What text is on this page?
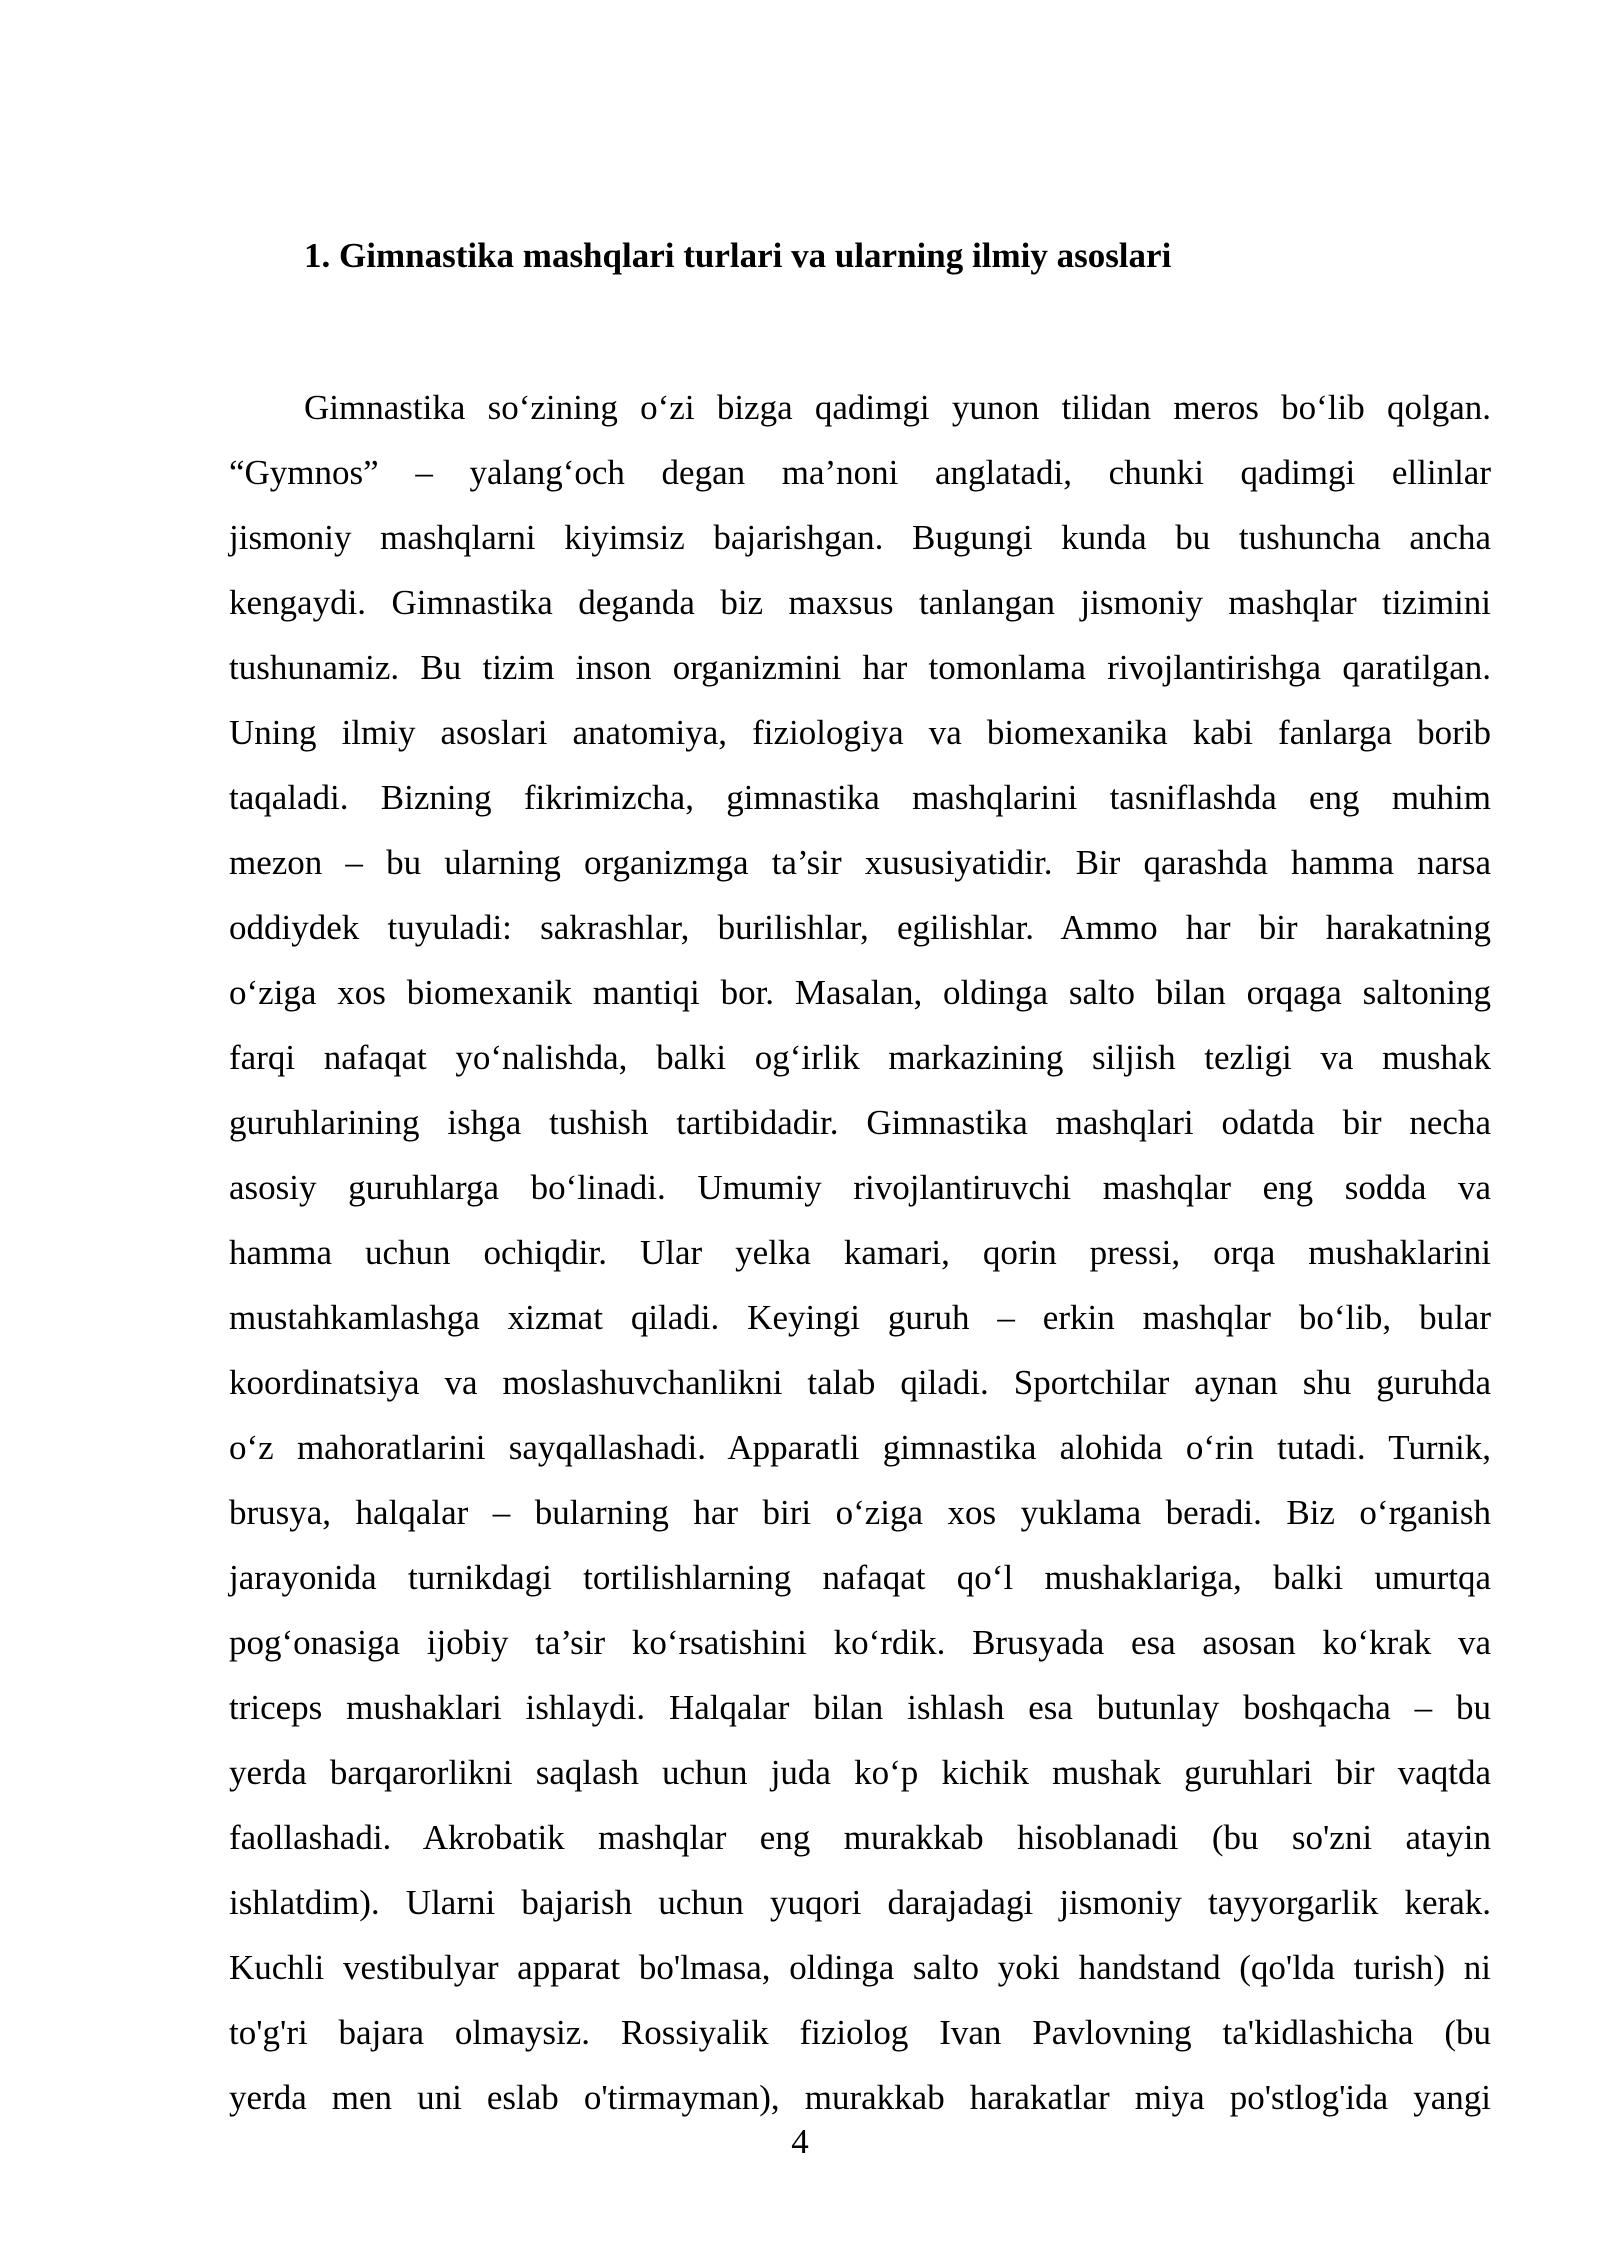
1. Gimnastika mashqlari turlari va ularning ilmiy asoslari
Gimnastika so‘zining o‘zi bizga qadimgi yunon tilidan meros bo‘lib qolgan.
“Gymnos” – yalang‘och degan ma’noni anglatadi, chunki qadimgi ellinlar
jismoniy mashqlarni kiyimsiz bajarishgan. Bugungi kunda bu tushuncha ancha
kengaydi. Gimnastika deganda biz maxsus tanlangan jismoniy mashqlar tizimini
tushunamiz. Bu tizim inson organizmini har tomonlama rivojlantirishga qaratilgan.
Uning ilmiy asoslari anatomiya, fiziologiya va biomexanika kabi fanlarga borib
taqaladi. Bizning fikrimizcha, gimnastika mashqlarini tasniflashda eng muhim
mezon – bu ularning organizmga ta’sir xususiyatidir. Bir qarashda hamma narsa
oddiydek tuyuladi: sakrashlar, burilishlar, egilishlar. Ammo har bir harakatning
o‘ziga xos biomexanik mantiqi bor. Masalan, oldinga salto bilan orqaga saltoning
farqi nafaqat yo‘nalishda, balki og‘irlik markazining siljish tezligi va mushak
guruhlarining ishga tushish tartibidadir. Gimnastika mashqlari odatda bir necha
asosiy guruhlarga bo‘linadi. Umumiy rivojlantiruvchi mashqlar eng sodda va
hamma uchun ochiqdir. Ular yelka kamari, qorin pressi, orqa mushaklarini
mustahkamlashga xizmat qiladi. Keyingi guruh – erkin mashqlar bo‘lib, bular
koordinatsiya va moslashuvchanlikni talab qiladi. Sportchilar aynan shu guruhda
o‘z mahoratlarini sayqallashadi. Apparatli gimnastika alohida o‘rin tutadi. Turnik,
brusya, halqalar – bularning har biri o‘ziga xos yuklama beradi. Biz o‘rganish
jarayonida turnikdagi tortilishlarning nafaqat qo‘l mushaklariga, balki umurtqa
pog‘onasiga ijobiy ta’sir ko‘rsatishini ko‘rdik. Brusyada esa asosan ko‘krak va
triceps mushaklari ishlaydi. Halqalar bilan ishlash esa butunlay boshqacha – bu
yerda barqarorlikni saqlash uchun juda ko‘p kichik mushak guruhlari bir vaqtda
faollashadi. Akrobatik mashqlar eng murakkab hisoblanadi (bu so'zni atayin
ishlatdim). Ularni bajarish uchun yuqori darajadagi jismoniy tayyorgarlik kerak.
Kuchli vestibulyar apparat bo'lmasa, oldinga salto yoki handstand (qo'lda turish) ni
to'g'ri bajara olmaysiz. Rossiyalik fiziolog Ivan Pavlovning ta'kidlashicha (bu
yerda men uni eslab o'tirmayman), murakkab harakatlar miya po'stlog'ida yangi
4
